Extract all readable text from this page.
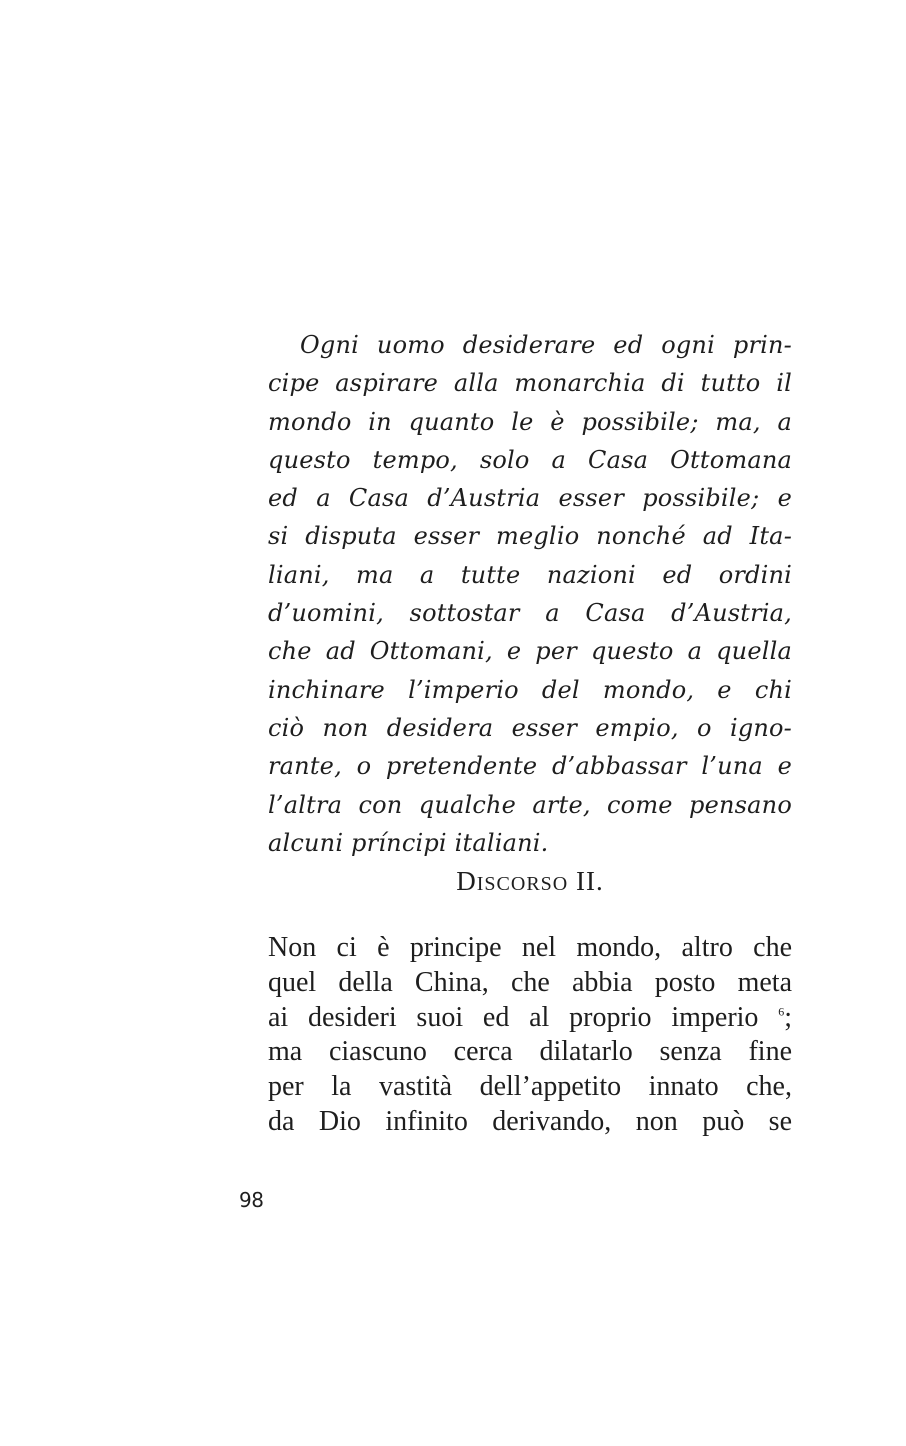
Ogni uomo desiderare ed ogni prin-
cipe aspirare alla monarchia di tutto il
mondo in quanto le è possibile; ma, a
questo tempo, solo a Casa Ottomana
ed a Casa d’Austria esser possibile; e
si disputa esser meglio nonché ad Ita-
liani, ma a tutte nazioni ed ordini
d’uomini, sottostar a Casa d’Austria,
che ad Ottomani, e per questo a quella
inchinare l’imperio del mondo, e chi
ciò non desidera esser empio, o igno-
rante, o pretendente d’abbassar l’una e
l’altra con qualche arte, come pensano
alcuni príncipi italiani.
DISCORSO II.
Non ci è principe nel mondo, altro che
quel della China, che abbia posto meta
ai desideri suoi ed al proprio imperio $^6$;
ma ciascuno cerca dilatarlo senza fine
per la vastità dell’appetito innato che,
da Dio infinito derivando, non può se
98
